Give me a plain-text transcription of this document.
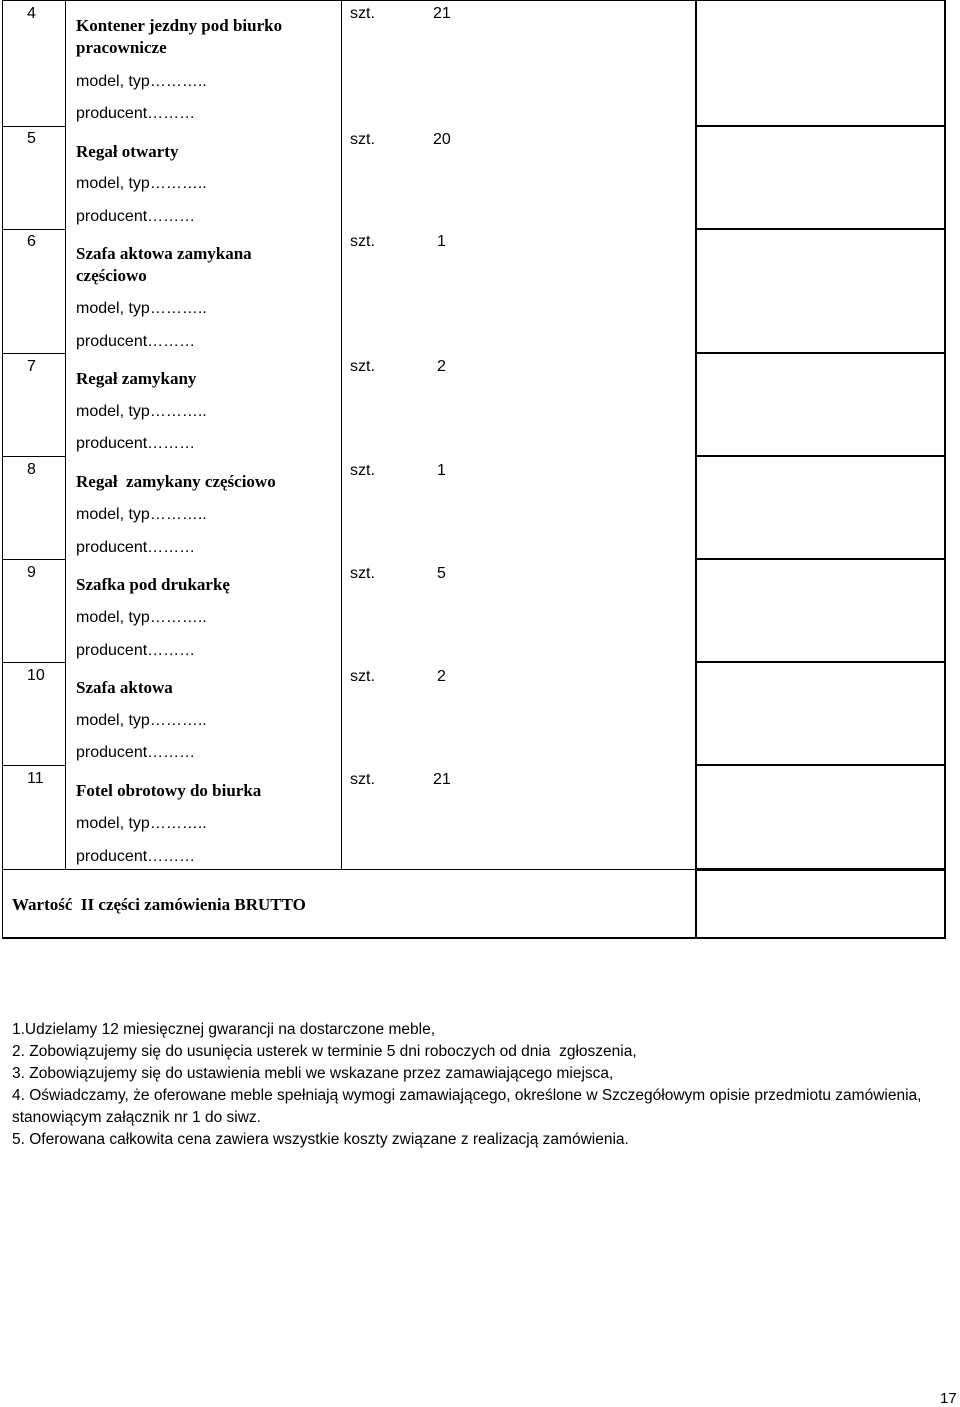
4
Kontener jezdny pod biurko pracownicze
model, typ………..
producent………
szt.	21
5
Regał otwarty
model, typ………..
producent………
szt.	20
6
Szafa aktowa zamykana częściowo
model, typ………..
producent………
szt.	1
7
Regał zamykany
model, typ………..
producent………
szt.	2
8
Regał  zamykany częściowo
model, typ………..
producent………
szt.	1
9
Szafka pod drukarkę
model, typ………..
producent………
szt.	5
10
Szafa aktowa
model, typ………..
producent………
szt.	2
11
Fotel obrotowy do biurka
model, typ………..
producent………
szt.	21
Wartość  II części zamówienia BRUTTO

1.Udzielamy 12 miesięcznej gwarancji na dostarczone meble,

2. Zobowiązujemy się do usunięcia usterek w terminie 5 dni roboczych od dnia  zgłoszenia,

3. Zobowiązujemy się do ustawienia mebli we wskazane przez zamawiającego miejsca,

4. Oświadczamy, że oferowane meble spełniają wymogi zamawiającego, określone w Szczegółowym opisie przedmiotu zamówienia, stanowiącym załącznik nr 1 do siwz.

5. Oferowana całkowita cena zawiera wszystkie koszty związane z realizacją zamówienia.

17
